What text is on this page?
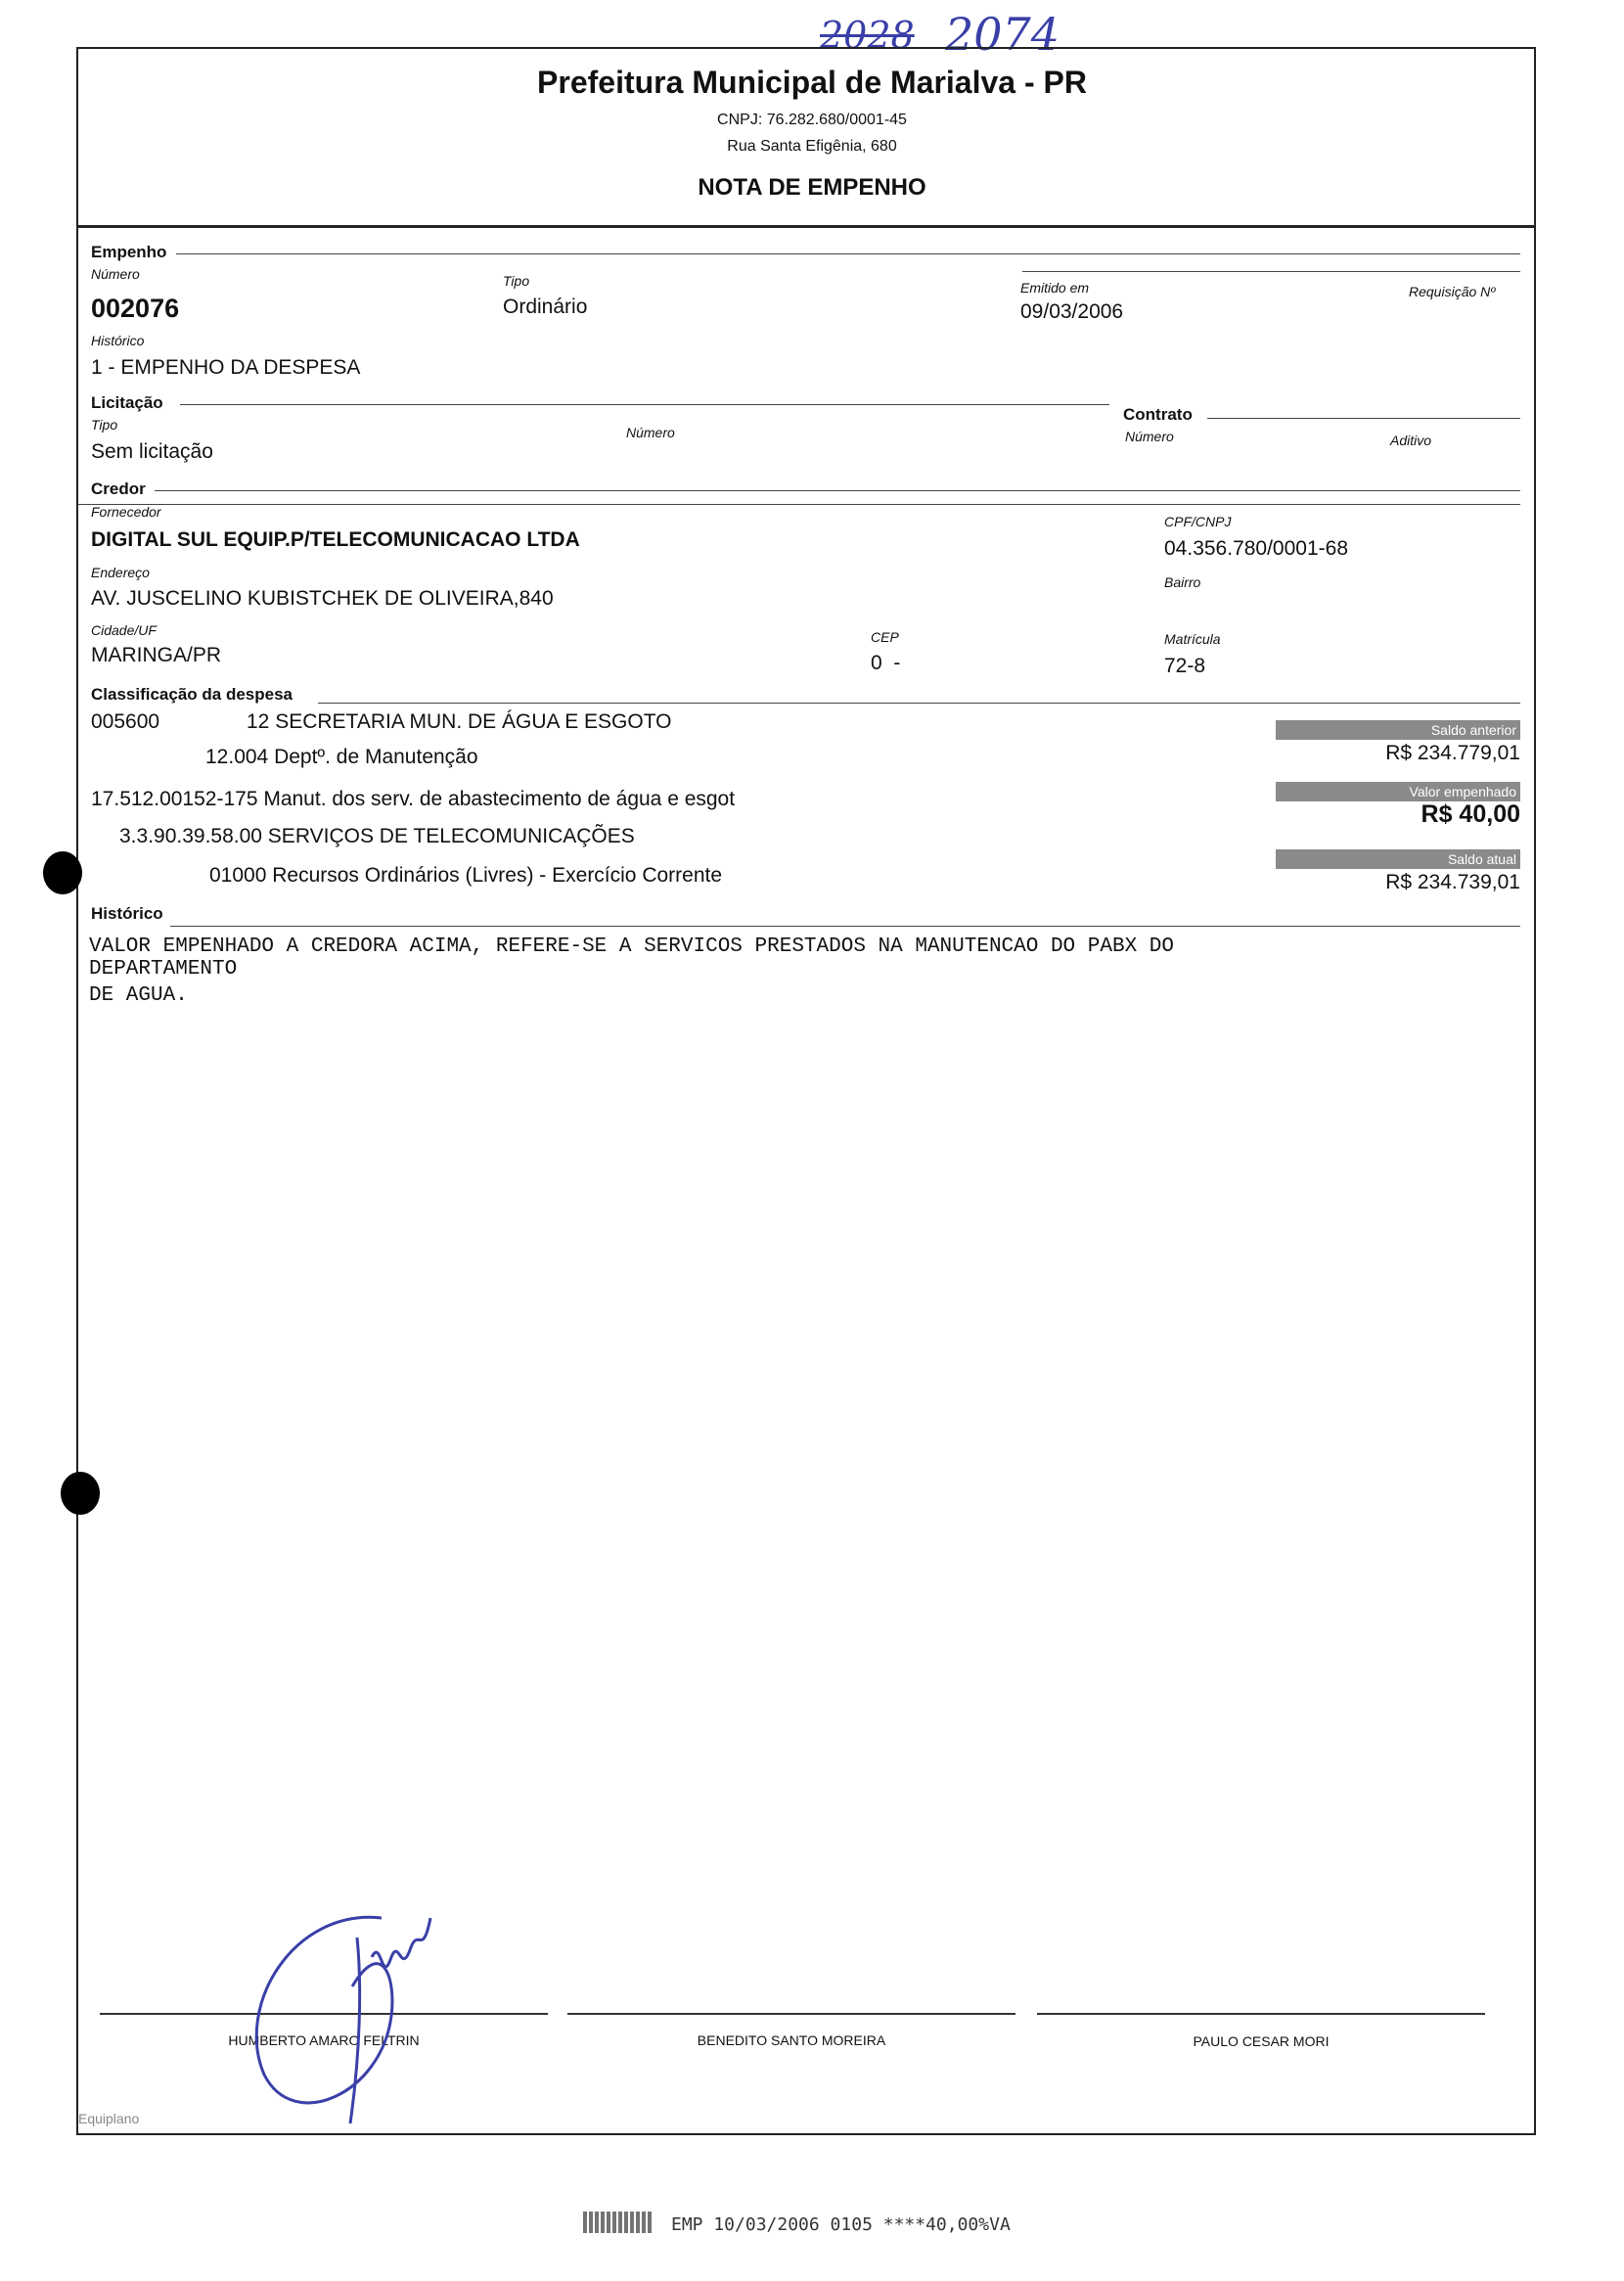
2028 2074
Prefeitura Municipal de Marialva - PR
CNPJ: 76.282.680/0001-45
Rua Santa Efigênia, 680
NOTA DE EMPENHO
Empenho
Número
002076
Tipo
Ordinário
Emitido em
09/03/2006
Requisição Nº
Histórico
1 - EMPENHO DA DESPESA
Licitação
Tipo
Sem licitação
Número
Contrato
Número	Aditivo
Credor
Fornecedor
DIGITAL SUL EQUIP.P/TELECOMUNICACAO LTDA
CPF/CNPJ
04.356.780/0001-68
Endereço
AV. JUSCELINO KUBISTCHEK DE OLIVEIRA,840
Bairro
Cidade/UF
MARINGA/PR
CEP
0  -
Matrícula
72-8
Classificação da despesa
005600	12 SECRETARIA MUN. DE ÁGUA E ESGOTO
12.004 Deptº. de Manutenção
17.512.00152-175 Manut. dos serv. de abastecimento de água e esgot
3.3.90.39.58.00 SERVIÇOS DE TELECOMUNICAÇÕES
01000 Recursos Ordinários (Livres) - Exercício Corrente
Saldo anterior
R$ 234.779,01
Valor empenhado
R$ 40,00
Saldo atual
R$ 234.739,01
Histórico
VALOR EMPENHADO A CREDORA ACIMA, REFERE-SE A SERVICOS PRESTADOS NA MANUTENCAO DO PABX DO
DEPARTAMENTO
DE AGUA.
HUMBERTO AMARO FELTRIN	BENEDITO SANTO MOREIRA	PAULO CESAR MORI
Equiplano
EMP 10/03/2006 0105 ****40,00%VA
